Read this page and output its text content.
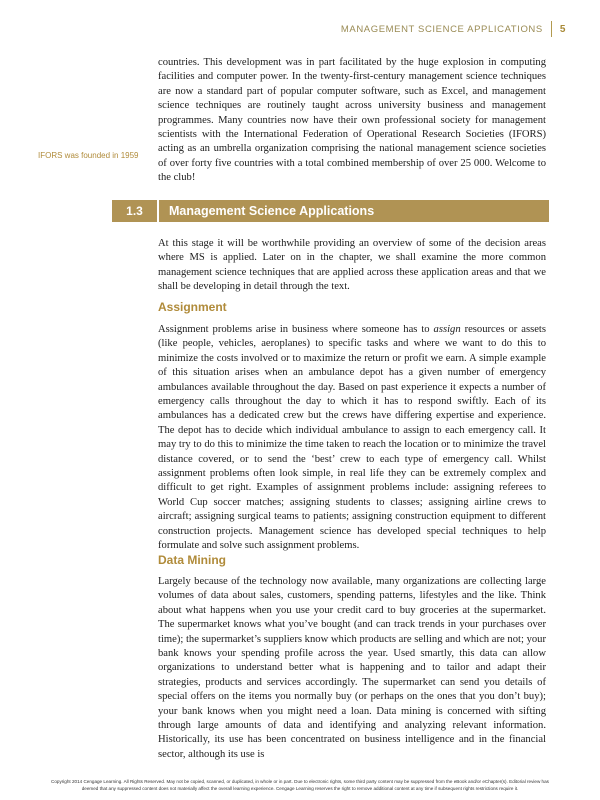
MANAGEMENT SCIENCE APPLICATIONS 5

countries. This development was in part facilitated by the huge explosion in computing facilities and computer power. In the twenty-first-century management science techniques are now a standard part of popular computer software, such as Excel, and management science techniques are routinely taught across university business and management programmes. Many countries now have their own professional society for management scientists with the International Federation of Operational Research Societies (IFORS) acting as an umbrella organization comprising the national management science societies of over forty five countries with a total combined membership of over 25 000. Welcome to the club!

IFORS was founded in 1959

1.3	Management Science Applications

At this stage it will be worthwhile providing an overview of some of the decision areas where MS is applied. Later on in the chapter, we shall examine the more common management science techniques that are applied across these application areas and that we shall be developing in detail through the text.

Assignment

Assignment problems arise in business where someone has to assign resources or assets (like people, vehicles, aeroplanes) to specific tasks and where we want to do this to minimize the costs involved or to maximize the return or profit we earn. A simple example of this situation arises when an ambulance depot has a given number of emergency ambulances available throughout the day. Based on past experience it expects a number of emergency calls throughout the day to which it has to respond swiftly. Each of its ambulances has a dedicated crew but the crews have differing expertise and experience. The depot has to decide which individual ambulance to assign to each emergency call. It may try to do this to minimize the time taken to reach the location or to minimize the travel distance covered, or to send the ‘best’ crew to each type of emergency call. Whilst assignment problems often look simple, in real life they can be extremely complex and difficult to get right. Examples of assignment problems include: assigning referees to World Cup soccer matches; assigning students to classes; assigning airline crews to aircraft; assigning surgical teams to patients; assigning construction equipment to different construction projects. Management science has developed special techniques to help formulate and solve such assignment problems.

Data Mining

Largely because of the technology now available, many organizations are collecting large volumes of data about sales, customers, spending patterns, lifestyles and the like. Think about what happens when you use your credit card to buy groceries at the supermarket. The supermarket knows what you’ve bought (and can track trends in your purchases over time); the supermarket’s suppliers know which products are selling and which are not; your bank knows your spending profile across the year. Used smartly, this data can allow organizations to understand better what is happening and to tailor and adapt their strategies, products and services accordingly. The supermarket can send you details of special offers on the items you normally buy (or perhaps on the ones that you don’t buy); your bank knows when you might need a loan. Data mining is concerned with sifting through large amounts of data and identifying and analyzing relevant information. Historically, its use has been concentrated on business intelligence and in the financial sector, although its use is

Copyright 2014 Cengage Learning. All Rights Reserved. May not be copied, scanned, or duplicated, in whole or in part. Due to electronic rights, some third party content may be suppressed from the eBook and/or eChapter(s). Editorial review has
deemed that any suppressed content does not materially affect the overall learning experience. Cengage Learning reserves the right to remove additional content at any time if subsequent rights restrictions require it.
